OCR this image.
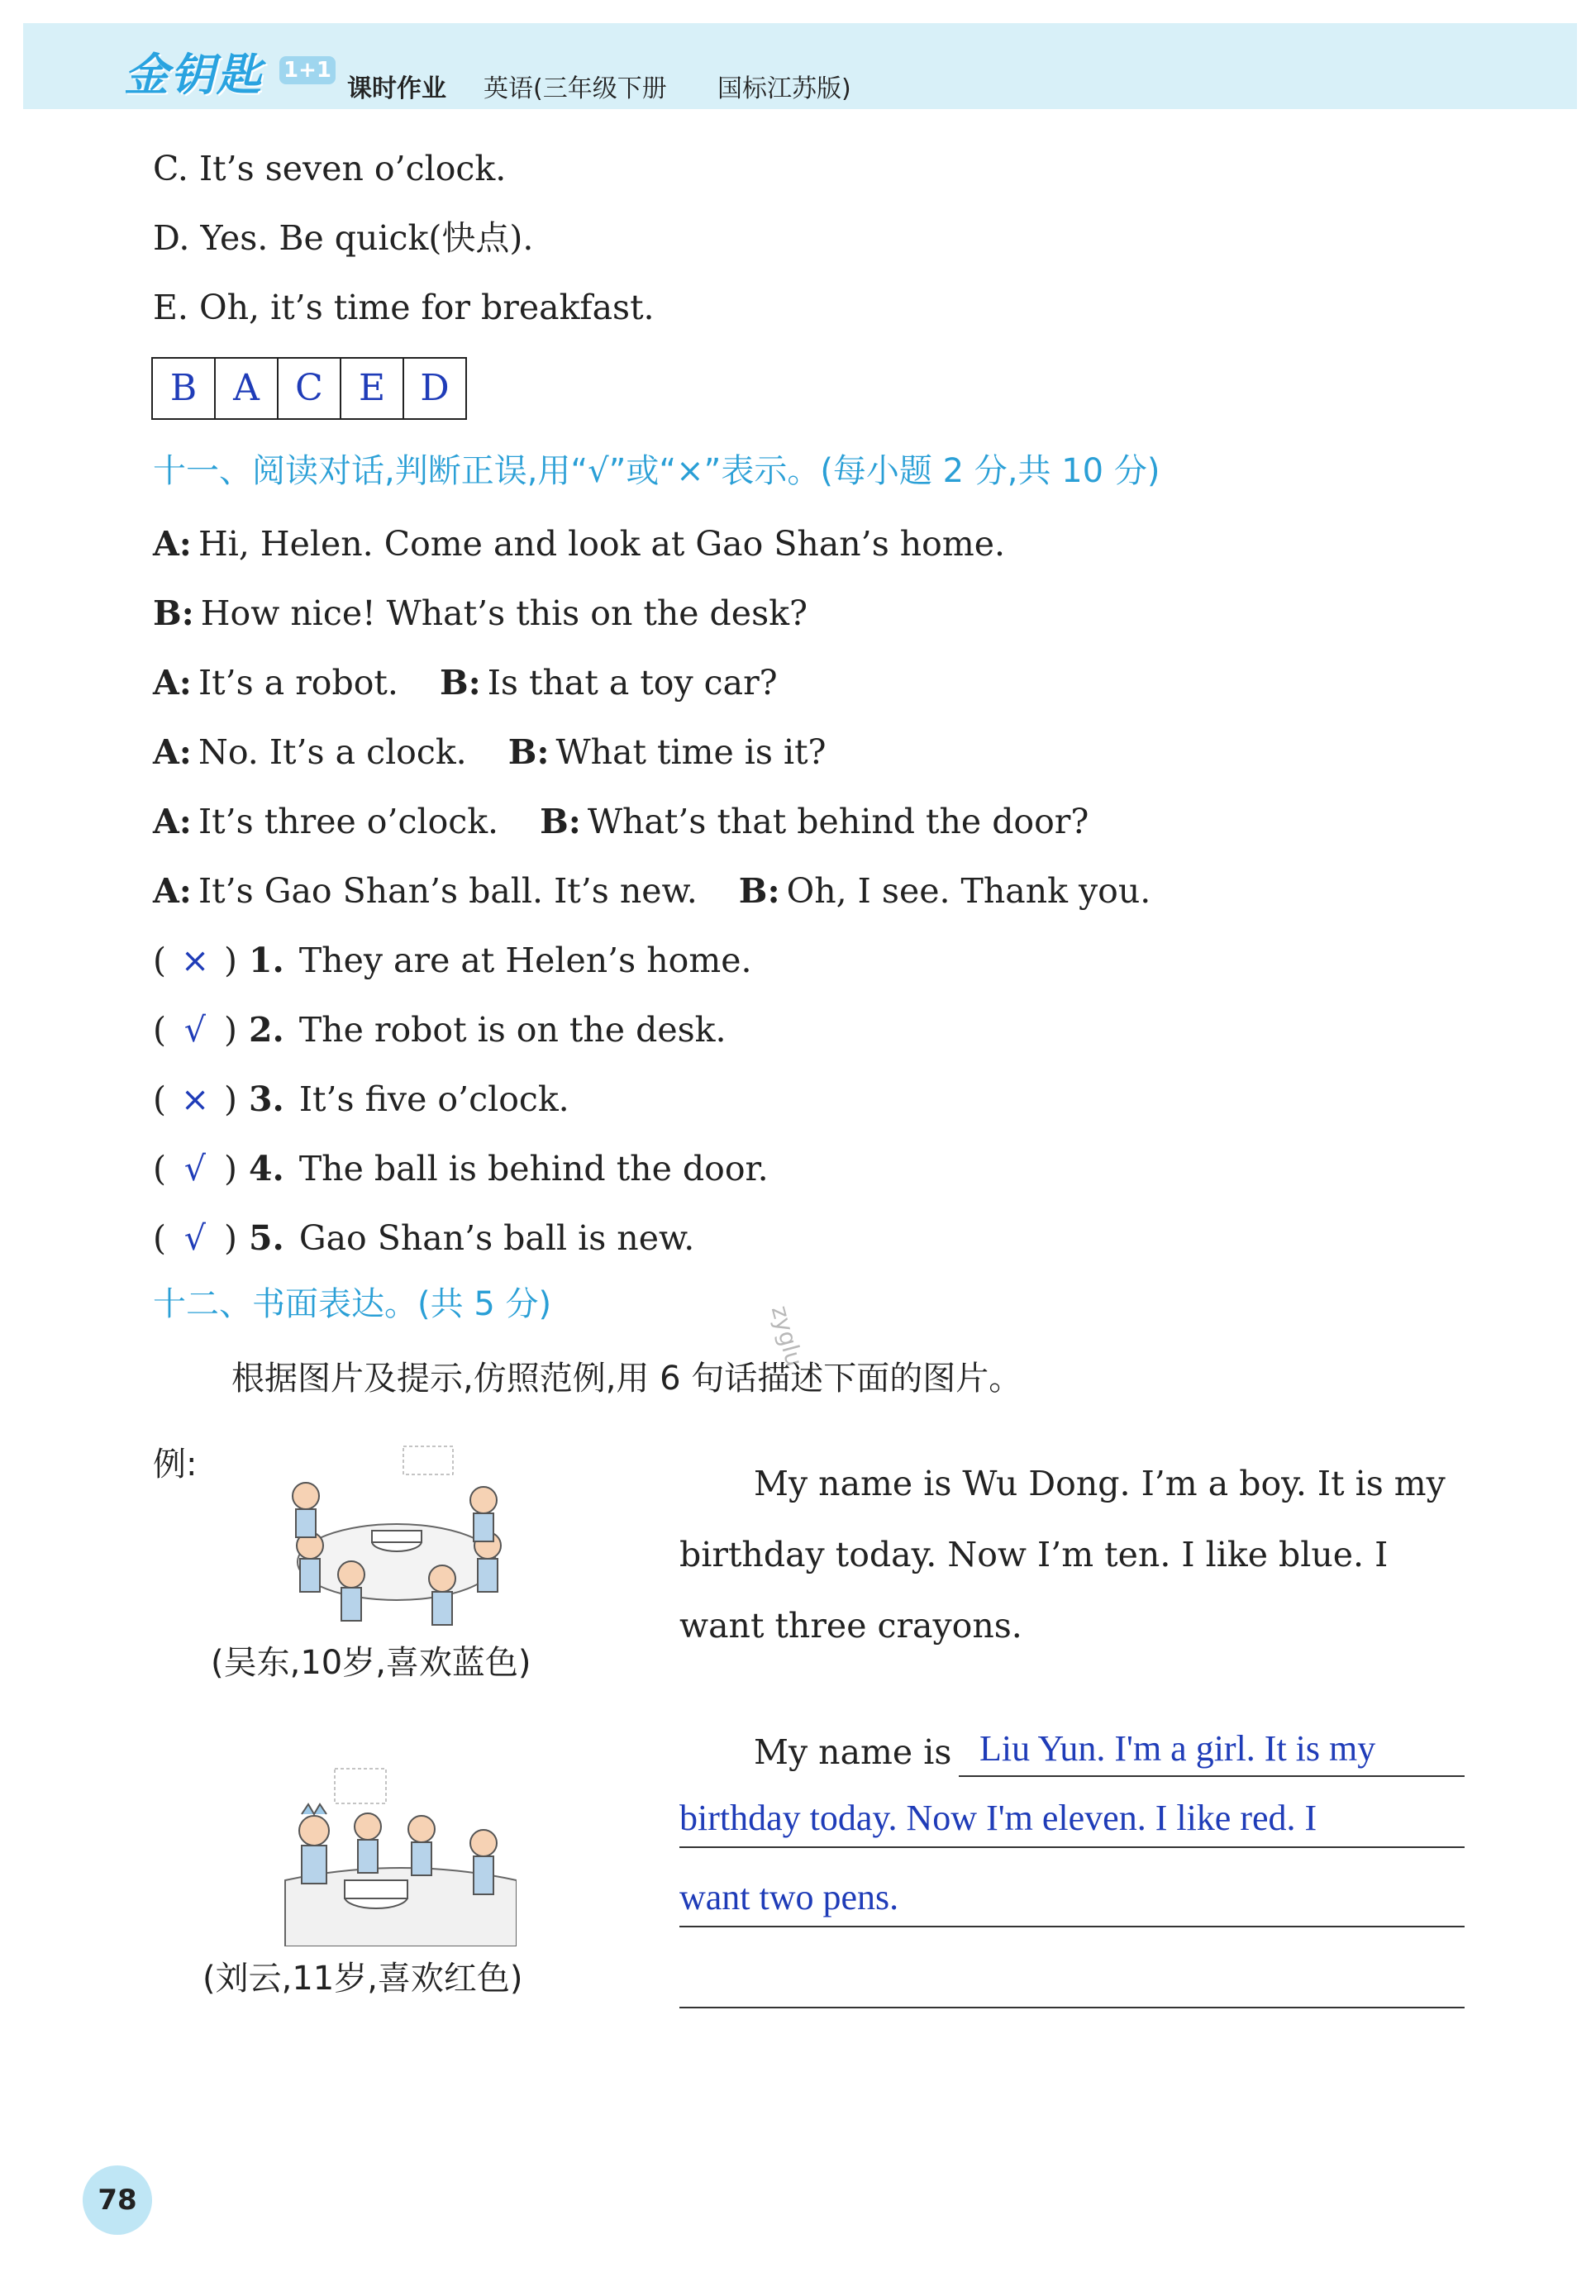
金钥匙 1+1
课时作业 英语(三年级下册 国标江苏版)
C. It’s seven o’clock.
D. Yes. Be quick(快点).
E. Oh, it’s time for breakfast.
B A C E D
十一、阅读对话,判断正误,用“√”或“×”表示。(每小题 2 分,共 10 分)
A: Hi, Helen. Come and look at Gao Shan’s home.
B: How nice! What’s this on the desk?
A: It’s a robot. B: Is that a toy car?
A: No. It’s a clock. B: What time is it?
A: It’s three o’clock. B: What’s that behind the door?
A: It’s Gao Shan’s ball. It’s new. B: Oh, I see. Thank you.
( × ) 1. They are at Helen’s home.
( √ ) 2. The robot is on the desk.
( × ) 3. It’s five o’clock.
( √ ) 4. The ball is behind the door.
( √ ) 5. Gao Shan’s ball is new.
十二、书面表达。(共 5 分)	zyglu
根据图片及提示,仿照范例,用 6 句话描述下面的图片。
例:
(吴东,10岁,喜欢蓝色)
My name is Wu Dong. I’m a boy. It is my birthday today. Now I’m ten. I like blue. I want three crayons.
(刘云,11岁,喜欢红色)
My name is Liu Yun. I'm a girl. It is my
birthday today. Now I'm eleven. I like red. I
want two pens.
78
